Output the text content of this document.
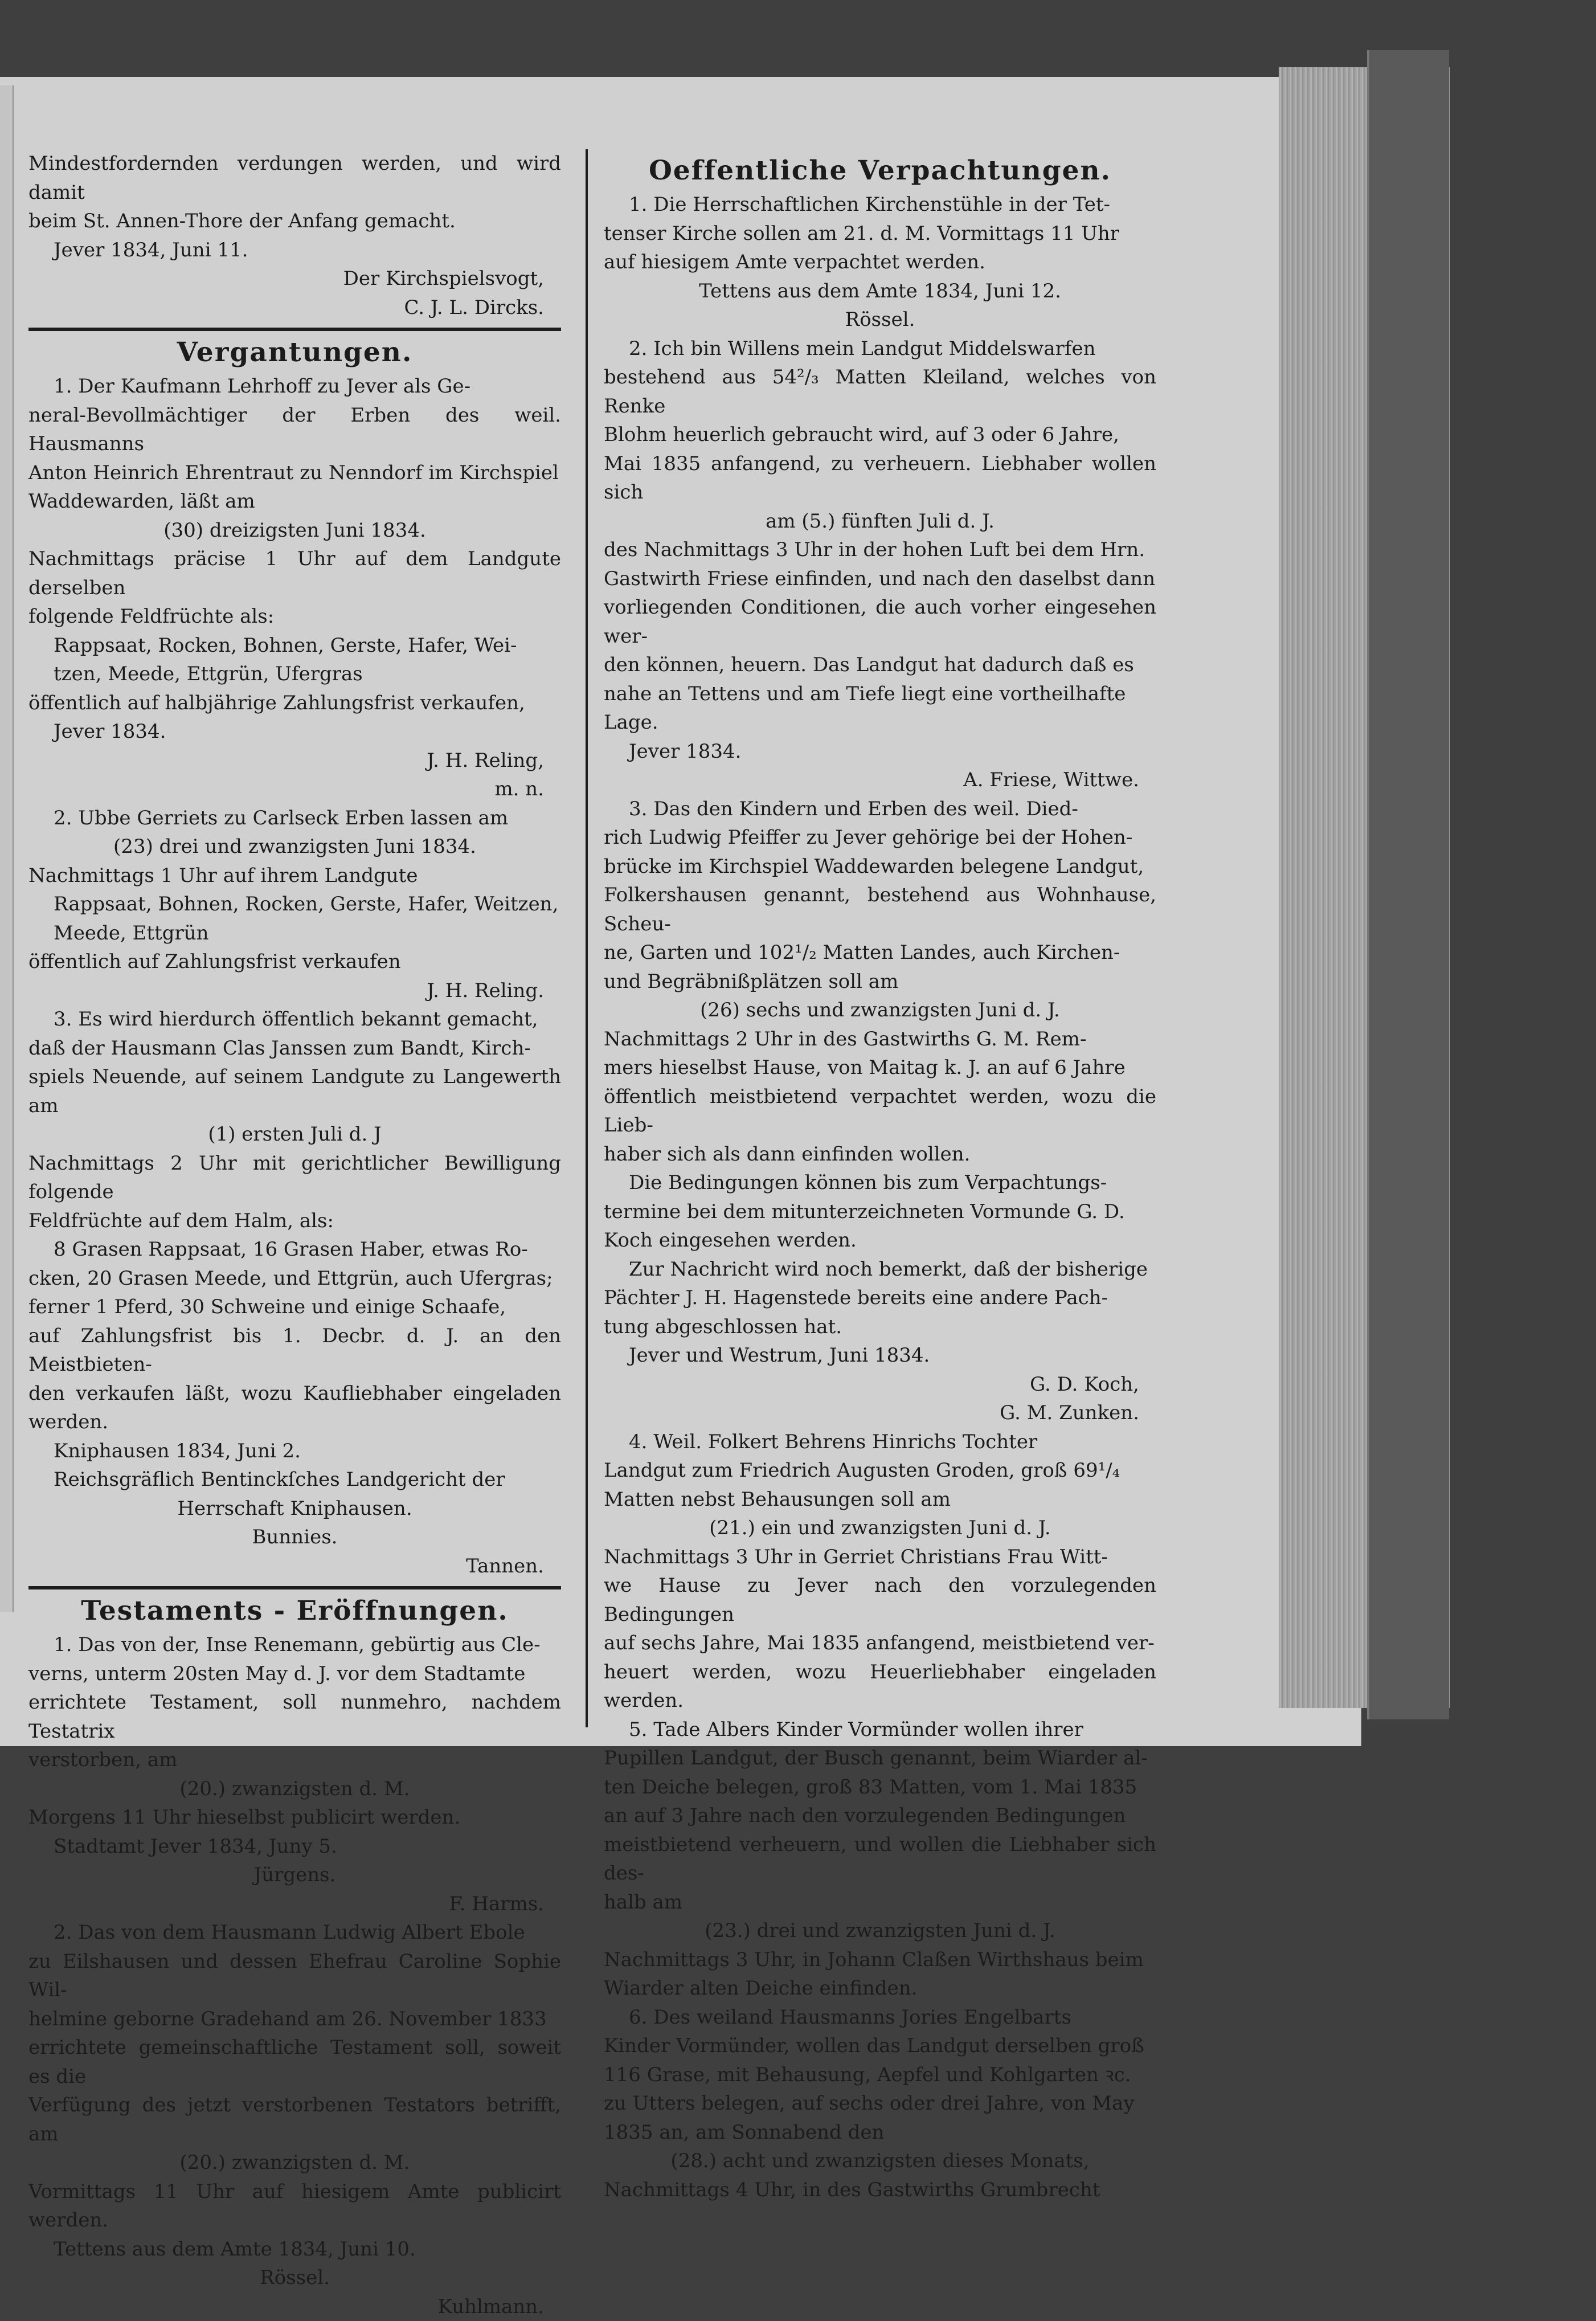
Mindestfordernden verdungen werden, und wird damit

beim St. Annen-Thore der Anfang gemacht.

Jever 1834, Juni 11.

Der Kirchspielsvogt,

C. J. L. Dircks.

Vergantungen.

1. Der Kaufmann Lehrhoff zu Jever als Ge-

neral-Bevollmächtiger der Erben des weil. Hausmanns

Anton Heinrich Ehrentraut zu Nenndorf im Kirchspiel

Waddewarden, läßt am

(30) dreizigsten Juni 1834.

Nachmittags präcise 1 Uhr auf dem Landgute derselben

folgende Feldfrüchte als:

Rappsaat, Rocken, Bohnen, Gerste, Hafer, Wei-

tzen, Meede, Ettgrün, Ufergras

öffentlich auf halbjährige Zahlungsfrist verkaufen,

Jever 1834.

J. H. Reling,

m. n.

2. Ubbe Gerriets zu Carlseck Erben lassen am

(23) drei und zwanzigsten Juni 1834.

Nachmittags 1 Uhr auf ihrem Landgute

Rappsaat, Bohnen, Rocken, Gerste, Hafer, Weitzen,

Meede, Ettgrün

öffentlich auf Zahlungsfrist verkaufen

J. H. Reling.

3. Es wird hierdurch öffentlich bekannt gemacht,

daß der Hausmann Clas Janssen zum Bandt, Kirch-

spiels Neuende, auf seinem Landgute zu Langewerth am

(1) ersten Juli d. J

Nachmittags 2 Uhr mit gerichtlicher Bewilligung folgende

Feldfrüchte auf dem Halm, als:

8 Grasen Rappsaat, 16 Grasen Haber, etwas Ro-

cken, 20 Grasen Meede, und Ettgrün, auch Ufergras;

ferner 1 Pferd, 30 Schweine und einige Schaafe,

auf Zahlungsfrist bis 1. Decbr. d. J. an den Meistbieten-

den verkaufen läßt, wozu Kaufliebhaber eingeladen werden.

Kniphausen 1834, Juni 2.

Reichsgräflich Bentinckſches Landgericht der

Herrschaft Kniphausen.

Bunnies.

Tannen.

Testaments - Eröffnungen.

1. Das von der, Inse Renemann, gebürtig aus Cle-

verns, unterm 20sten May d. J. vor dem Stadtamte

errichtete Testament, soll nunmehro, nachdem Testatrix

verstorben, am

(20.) zwanzigsten d. M.

Morgens 11 Uhr hieselbst publicirt werden.

Stadtamt Jever 1834, Juny 5.

Jürgens.

F. Harms.

2. Das von dem Hausmann Ludwig Albert Ebole

zu Eilshausen und dessen Ehefrau Caroline Sophie Wil-

helmine geborne Gradehand am 26. November 1833

errichtete gemeinschaftliche Testament soll, soweit es die

Verfügung des jetzt verstorbenen Testators betrifft, am

(20.) zwanzigsten d. M.

Vormittags 11 Uhr auf hiesigem Amte publicirt werden.

Tettens aus dem Amte 1834, Juni 10.

Rössel.

Kuhlmann.

Oeffentliche Verpachtungen.

1. Die Herrschaftlichen Kirchenstühle in der Tet-

tenser Kirche sollen am 21. d. M. Vormittags 11 Uhr

auf hiesigem Amte verpachtet werden.

Tettens aus dem Amte 1834, Juni 12.

Rössel.

2. Ich bin Willens mein Landgut Middelswarfen

bestehend aus 54²/₃ Matten Kleiland, welches von Renke

Blohm heuerlich gebraucht wird, auf 3 oder 6 Jahre,

Mai 1835 anfangend, zu verheuern. Liebhaber wollen sich

am (5.) fünften Juli d. J.

des Nachmittags 3 Uhr in der hohen Luft bei dem Hrn.

Gastwirth Friese einfinden, und nach den daselbst dann

vorliegenden Conditionen, die auch vorher eingesehen wer-

den können, heuern. Das Landgut hat dadurch daß es

nahe an Tettens und am Tiefe liegt eine vortheilhafte

Lage.

Jever 1834.

A. Friese, Wittwe.

3. Das den Kindern und Erben des weil. Died-

rich Ludwig Pfeiffer zu Jever gehörige bei der Hohen-

brücke im Kirchspiel Waddewarden belegene Landgut,

Folkershausen genannt, bestehend aus Wohnhause, Scheu-

ne, Garten und 102¹/₂ Matten Landes, auch Kirchen-

und Begräbnißplätzen soll am

(26) sechs und zwanzigsten Juni d. J.

Nachmittags 2 Uhr in des Gastwirths G. M. Rem-

mers hieselbst Hause, von Maitag k. J. an auf 6 Jahre

öffentlich meistbietend verpachtet werden, wozu die Lieb-

haber sich als dann einfinden wollen.

Die Bedingungen können bis zum Verpachtungs-

termine bei dem mitunterzeichneten Vormunde G. D.

Koch eingesehen werden.

Zur Nachricht wird noch bemerkt, daß der bisherige

Pächter J. H. Hagenstede bereits eine andere Pach-

tung abgeschlossen hat.

Jever und Westrum, Juni 1834.

G. D. Koch,

G. M. Zunken.

4. Weil. Folkert Behrens Hinrichs Tochter

Landgut zum Friedrich Augusten Groden, groß 69¹/₄

Matten nebst Behausungen soll am

(21.) ein und zwanzigsten Juni d. J.

Nachmittags 3 Uhr in Gerriet Christians Frau Witt-

we Hause zu Jever nach den vorzulegenden Bedingungen

auf sechs Jahre, Mai 1835 anfangend, meistbietend ver-

heuert werden, wozu Heuerliebhaber eingeladen werden.

5. Tade Albers Kinder Vormünder wollen ihrer

Pupillen Landgut, der Busch genannt, beim Wiarder al-

ten Deiche belegen, groß 83 Matten, vom 1. Mai 1835

an auf 3 Jahre nach den vorzulegenden Bedingungen

meistbietend verheuern, und wollen die Liebhaber sich des-

halb am

(23.) drei und zwanzigsten Juni d. J.

Nachmittags 3 Uhr, in Johann Claßen Wirthshaus beim

Wiarder alten Deiche einfinden.

6. Des weiland Hausmanns Jories Engelbarts

Kinder Vormünder, wollen das Landgut derselben groß

116 Grase, mit Behausung, Aepfel und Kohlgarten ꝛc.

zu Utters belegen, auf sechs oder drei Jahre, von May

1835 an, am Sonnabend den

(28.) acht und zwanzigsten dieses Monats,

Nachmittags 4 Uhr, in des Gastwirths Grumbrecht
